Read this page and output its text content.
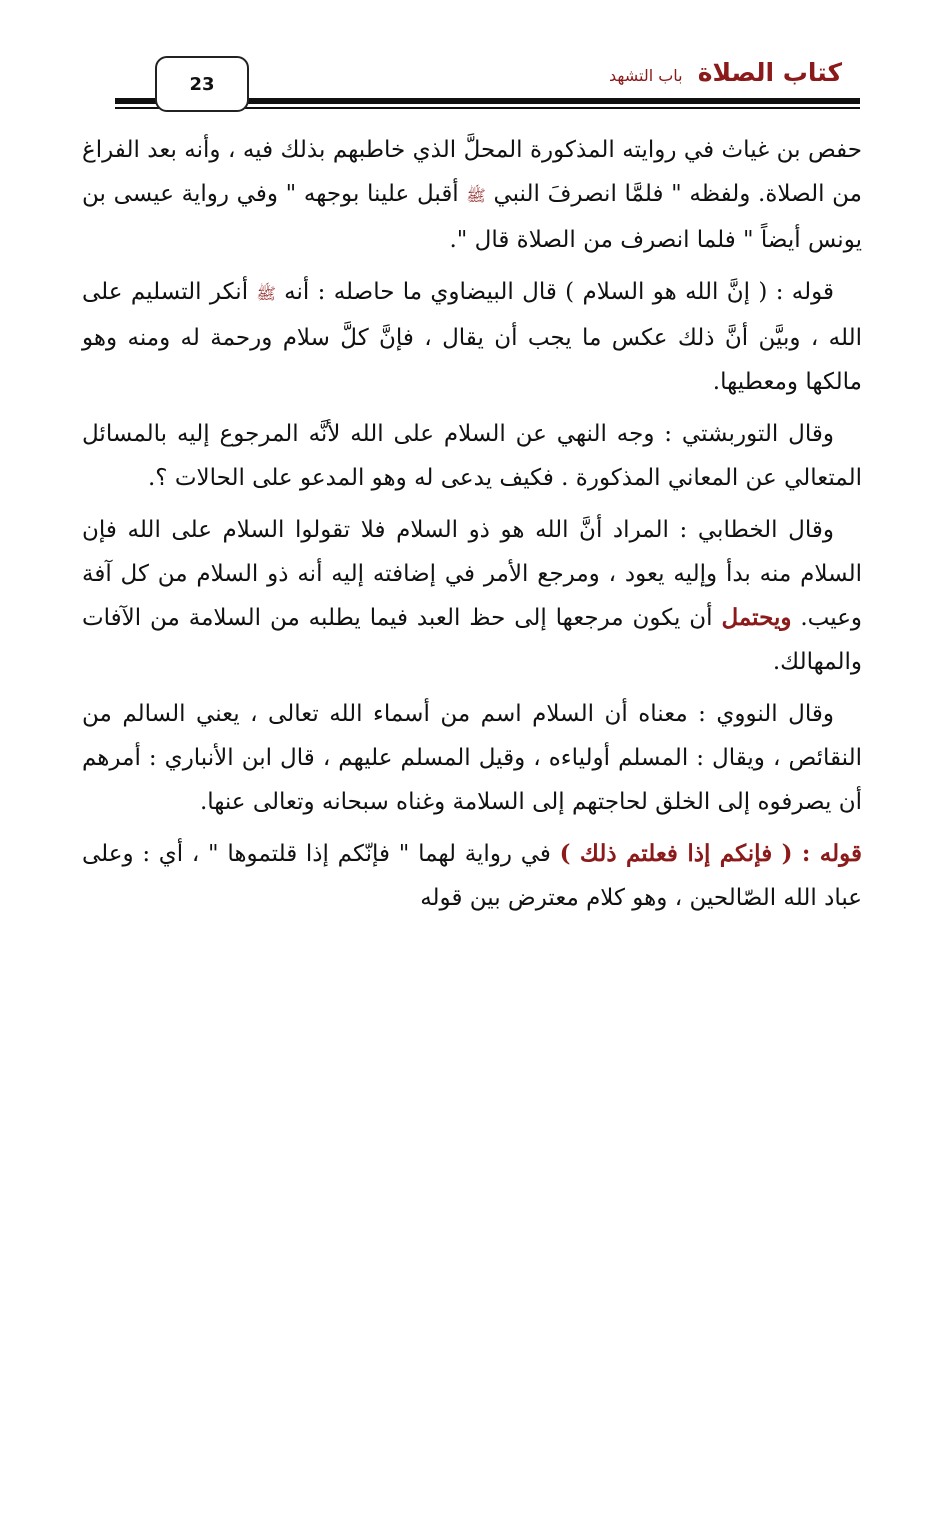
كتاب الصلاة باب التشهد
23

حفص بن غياث في روايته المذكورة المحلَّ الذي خاطبهم بذلك فيه ، وأنه بعد الفراغ من الصلاة. ولفظه " فلمَّا انصرفَ النبي ﷺ أقبل علينا بوجهه " وفي رواية عيسى بن يونس أيضاً " فلما انصرف من الصلاة قال ".

قوله : ( إنَّ الله هو السلام ) قال البيضاوي ما حاصله : أنه ﷺ أنكر التسليم على الله ، وبيَّن أنَّ ذلك عكس ما يجب أن يقال ، فإنَّ كلَّ سلام ورحمة له ومنه وهو مالكها ومعطيها.

وقال التوربشتي : وجه النهي عن السلام على الله لأنَّه المرجوع إليه بالمسائل المتعالي عن المعاني المذكورة . فكيف يدعى له وهو المدعو على الحالات ؟.

وقال الخطابي : المراد أنَّ الله هو ذو السلام فلا تقولوا السلام على الله فإن السلام منه بدأ وإليه يعود ، ومرجع الأمر في إضافته إليه أنه ذو السلام من كل آفة وعيب. ويحتمل أن يكون مرجعها إلى حظ العبد فيما يطلبه من السلامة من الآفات والمهالك.

وقال النووي : معناه أن السلام اسم من أسماء الله تعالى ، يعني السالم من النقائص ، ويقال : المسلم أولياءه ، وقيل المسلم عليهم ، قال ابن الأنباري : أمرهم أن يصرفوه إلى الخلق لحاجتهم إلى السلامة وغناه سبحانه وتعالى عنها.

قوله : ( فإنكم إذا فعلتم ذلك ) في رواية لهما " فإنّكم إذا قلتموها " ، أي : وعلى عباد الله الصّالحين ، وهو كلام معترض بين قوله
